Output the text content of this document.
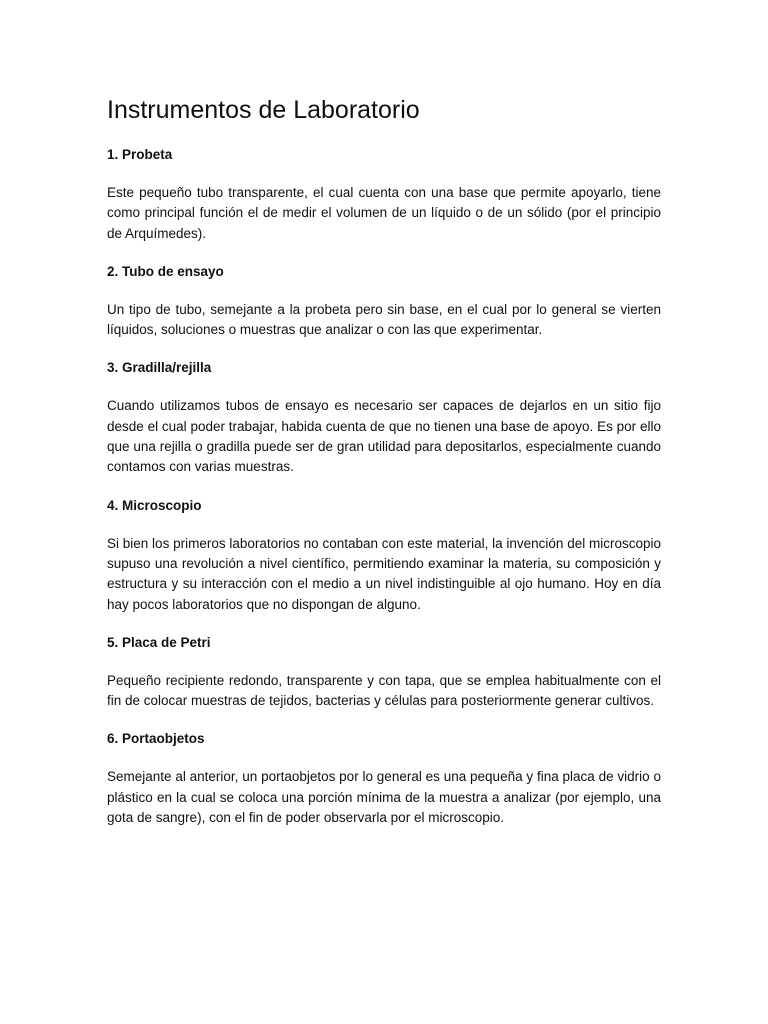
Instrumentos de Laboratorio
1. Probeta

Este pequeño tubo transparente, el cual cuenta con una base que permite apoyarlo, tiene como principal función el de medir el volumen de un líquido o de un sólido (por el principio de Arquímedes).

2. Tubo de ensayo

Un tipo de tubo, semejante a la probeta pero sin base, en el cual por lo general se vierten líquidos, soluciones o muestras que analizar o con las que experimentar.

3. Gradilla/rejilla

Cuando utilizamos tubos de ensayo es necesario ser capaces de dejarlos en un sitio fijo desde el cual poder trabajar, habida cuenta de que no tienen una base de apoyo. Es por ello que una rejilla o gradilla puede ser de gran utilidad para depositarlos, especialmente cuando contamos con varias muestras.

4. Microscopio

Si bien los primeros laboratorios no contaban con este material, la invención del microscopio supuso una revolución a nivel científico, permitiendo examinar la materia, su composición y estructura y su interacción con el medio a un nivel indistinguible al ojo humano. Hoy en día hay pocos laboratorios que no dispongan de alguno.

5. Placa de Petri

Pequeño recipiente redondo, transparente y con tapa, que se emplea habitualmente con el fin de colocar muestras de tejidos, bacterias y células para posteriormente generar cultivos.

6. Portaobjetos

Semejante al anterior, un portaobjetos por lo general es una pequeña y fina placa de vidrio o plástico en la cual se coloca una porción mínima de la muestra a analizar (por ejemplo, una gota de sangre), con el fin de poder observarla por el microscopio.
